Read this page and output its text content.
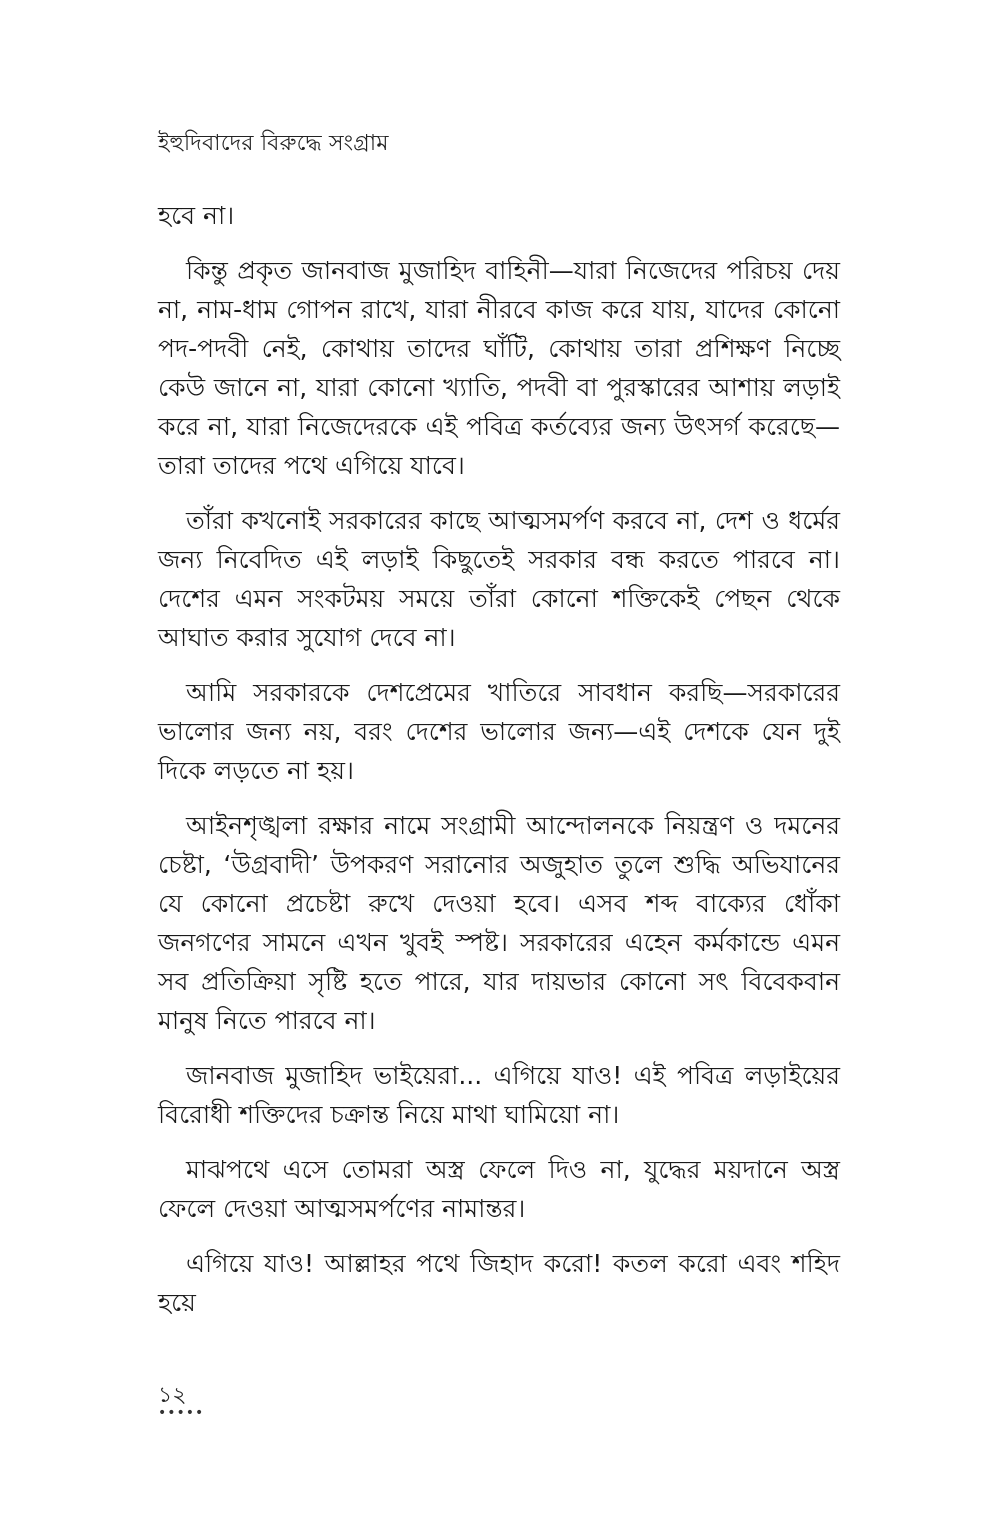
ইহুদিবাদের বিরুদ্ধে সংগ্রাম

হবে না।

কিন্তু প্রকৃত জানবাজ মুজাহিদ বাহিনী—যারা নিজেদের পরিচয় দেয় না, নাম-ধাম গোপন রাখে, যারা নীরবে কাজ করে যায়, যাদের কোনো পদ-পদবী নেই, কোথায় তাদের ঘাঁটি, কোথায় তারা প্রশিক্ষণ নিচ্ছে কেউ জানে না, যারা কোনো খ্যাতি, পদবী বা পুরস্কারের আশায় লড়াই করে না, যারা নিজেদেরকে এই পবিত্র কর্তব্যের জন্য উৎসর্গ করেছে—তারা তাদের পথে এগিয়ে যাবে।

তাঁরা কখনোই সরকারের কাছে আত্মসমর্পণ করবে না, দেশ ও ধর্মের জন্য নিবেদিত এই লড়াই কিছুতেই সরকার বন্ধ করতে পারবে না। দেশের এমন সংকটময় সময়ে তাঁরা কোনো শক্তিকেই পেছন থেকে আঘাত করার সুযোগ দেবে না।

আমি সরকারকে দেশপ্রেমের খাতিরে সাবধান করছি—সরকারের ভালোর জন্য নয়, বরং দেশের ভালোর জন্য—এই দেশকে যেন দুই দিকে লড়তে না হয়।

আইনশৃঙ্খলা রক্ষার নামে সংগ্রামী আন্দোলনকে নিয়ন্ত্রণ ও দমনের চেষ্টা, ‘উগ্রবাদী’ উপকরণ সরানোর অজুহাত তুলে শুদ্ধি অভিযানের যে কোনো প্রচেষ্টা রুখে দেওয়া হবে। এসব শব্দ বাক্যের ধোঁকা জনগণের সামনে এখন খুবই স্পষ্ট। সরকারের এহেন কর্মকান্ডে এমন সব প্রতিক্রিয়া সৃষ্টি হতে পারে, যার দায়ভার কোনো সৎ বিবেকবান মানুষ নিতে পারবে না।

জানবাজ মুজাহিদ ভাইয়েরা... এগিয়ে যাও! এই পবিত্র লড়াইয়ের বিরোধী শক্তিদের চক্রান্ত নিয়ে মাথা ঘামিয়ো না।

মাঝপথে এসে তোমরা অস্ত্র ফেলে দিও না, যুদ্ধের ময়দানে অস্ত্র ফেলে দেওয়া আত্মসমর্পণের নামান্তর।

এগিয়ে যাও! আল্লাহর পথে জিহাদ করো! কতল করো এবং শহিদ হয়ে

১২
•••••
